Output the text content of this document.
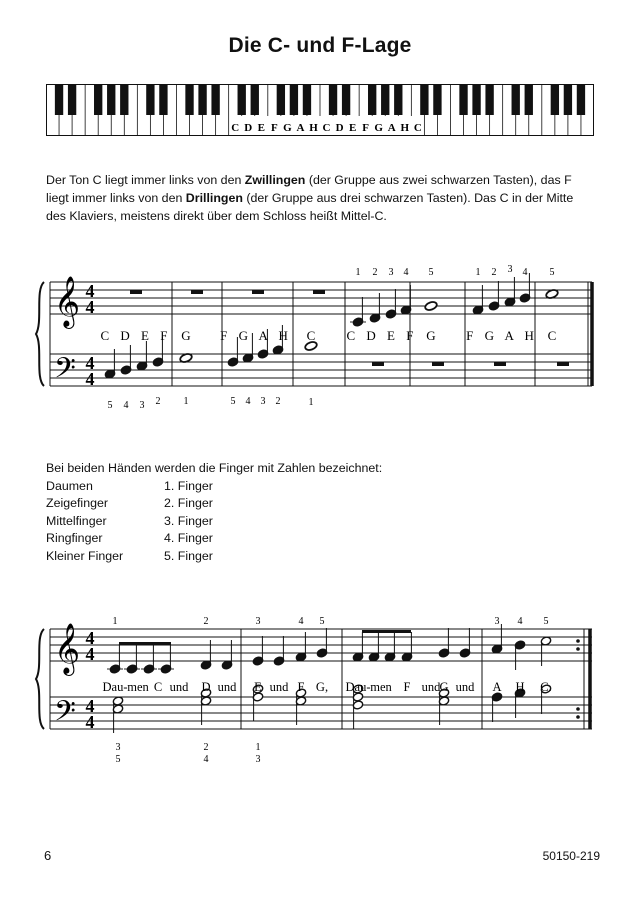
Die C- und F-Lage
C D E F G A H C D E F G A H C

Der Ton C liegt immer links von den Zwillingen (der Gruppe aus zwei schwarzen Tasten), das F liegt immer links von den Drillingen (der Gruppe aus drei schwarzen Tasten). Das C in der Mitte des Klaviers, meistens direkt über dem Schloss heißt Mittel-C.

𝄞
𝄢
4
4
4
4
1 2 3 4 5	1 2 3 4 5
C D E F G F G A H C C D E F G F G A H C
5 4 3 2 1	5 4 3 2	1
Bei beiden Händen werden die Finger mit Zahlen bezeichnet:
Daumen	1. Finger
Zeigefinger	2. Finger
Mittelfinger	3. Finger
Ringfinger	4. Finger
Kleiner Finger	5. Finger
𝄞
𝄢
4
4
4
4
1	2	3	4 5	3 4 5
Dau- men C und D und E und F G, Dau- men F und G und A H C.
3
5
2
4
1
3
6	50150-219
